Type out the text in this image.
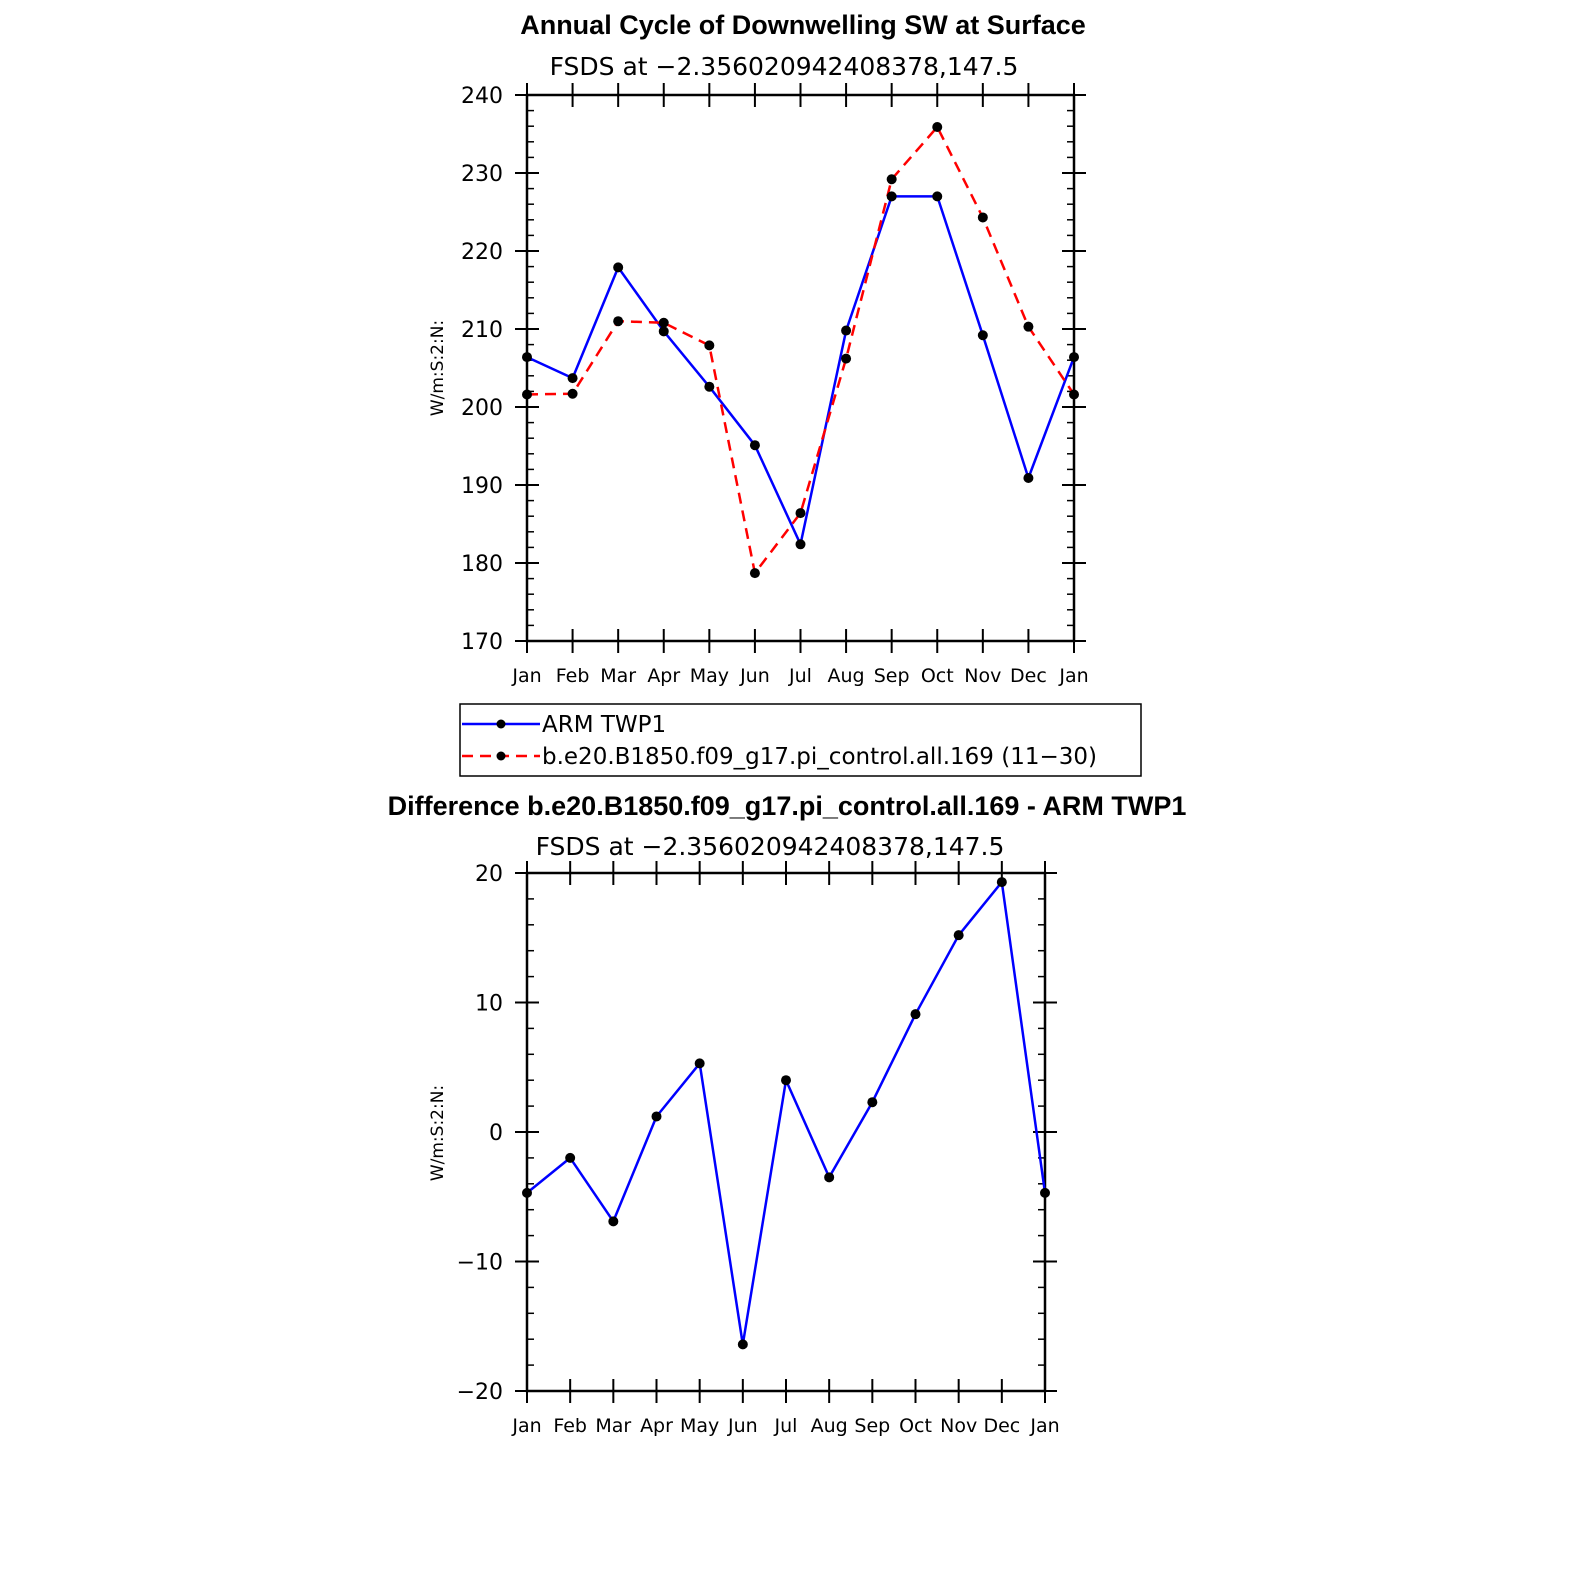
Annual Cycle of Downwelling SW at Surface
FSDS at −2.356020942408378,147.5
W/m:S:2:N:
170
180
190
200
210
220
230
240
Jan Feb Mar Apr May Jun Jul Aug Sep Oct Nov Dec Jan
ARM TWP1
b.e20.B1850.f09_g17.pi_control.all.169 (11−30)
Difference b.e20.B1850.f09_g17.pi_control.all.169 - ARM TWP1
FSDS at −2.356020942408378,147.5
W/m:S:2:N:
−20
−10
0
10
20
Jan Feb Mar Apr May Jun Jul Aug Sep Oct Nov Dec Jan
